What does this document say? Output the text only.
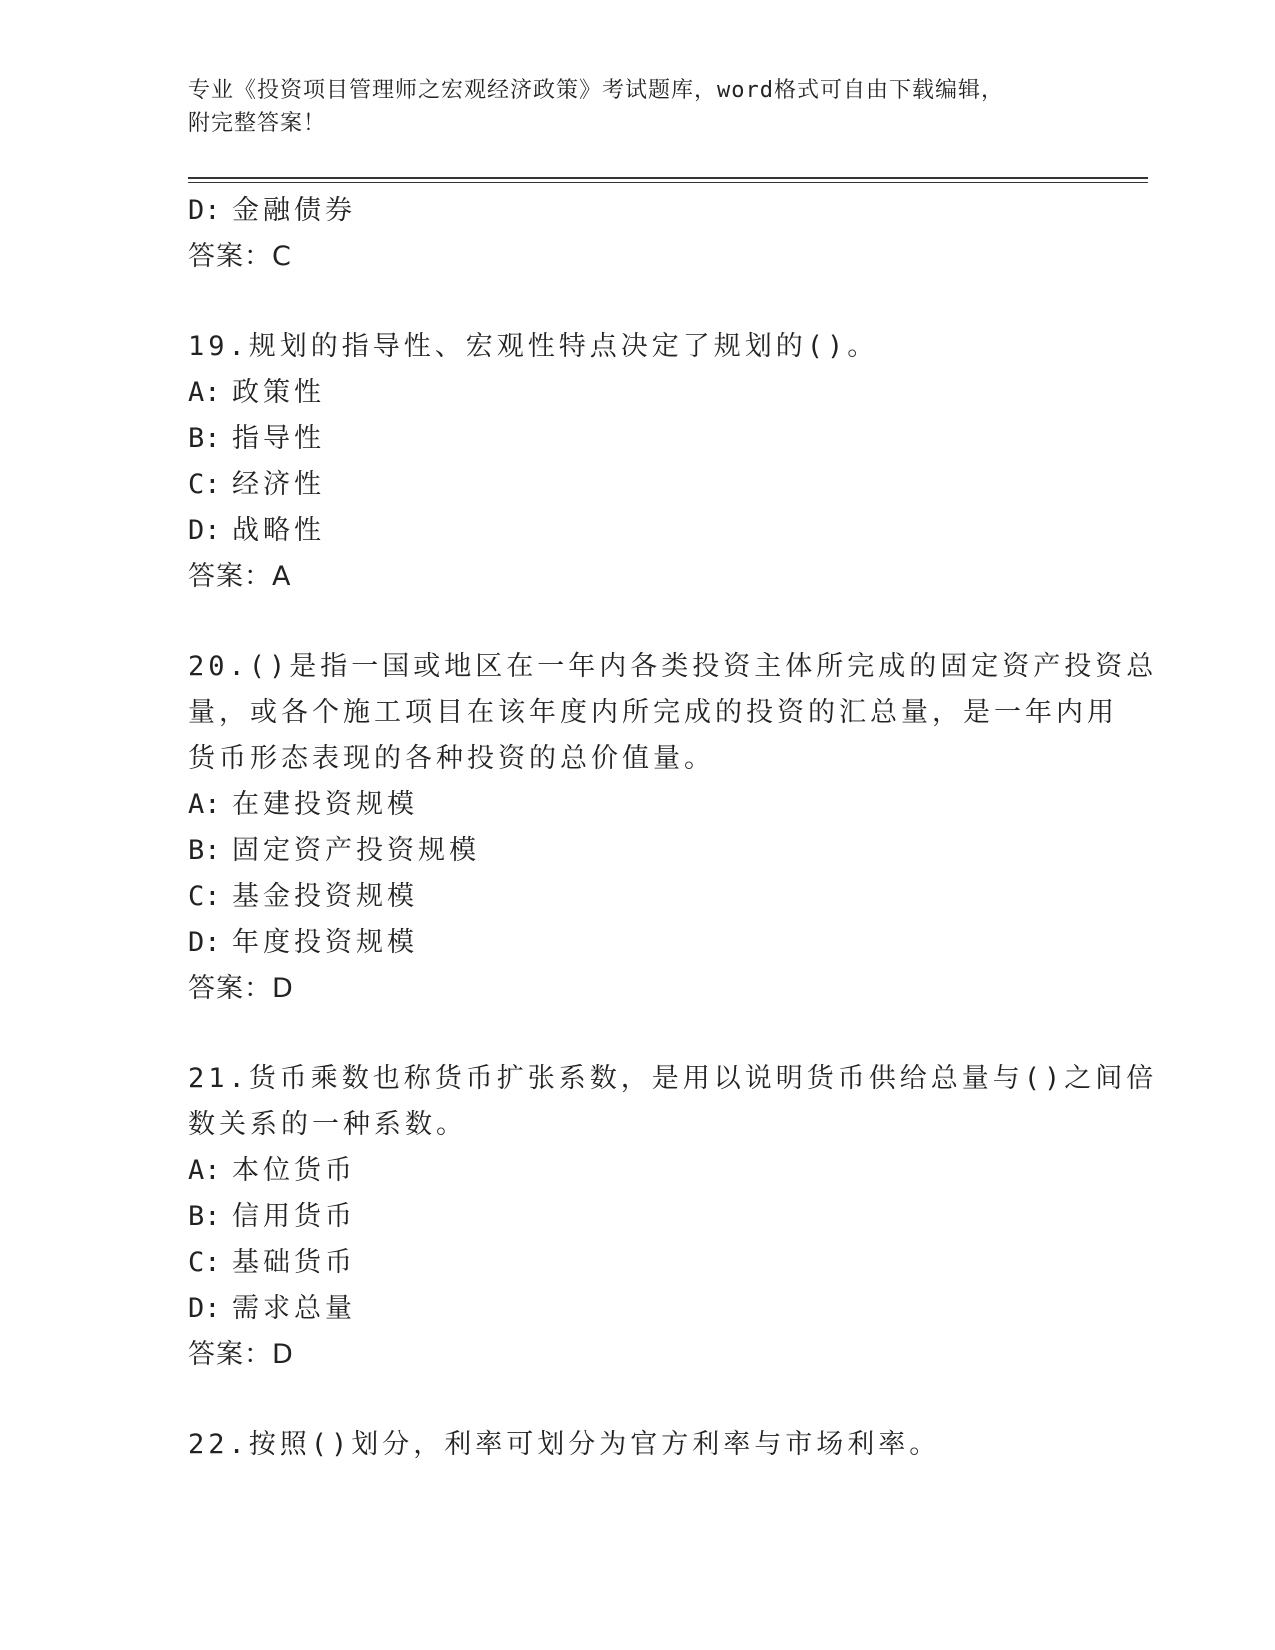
专业《投资项目管理师之宏观经济政策》考试题库，word格式可自由下载编辑，
附完整答案！
D: 金融债券
答案：C
19.规划的指导性、宏观性特点决定了规划的()。
A: 政策性
B: 指导性
C: 经济性
D: 战略性
答案：A
20.()是指一国或地区在一年内各类投资主体所完成的固定资产投资总
量，或各个施工项目在该年度内所完成的投资的汇总量，是一年内用
货币形态表现的各种投资的总价值量。
A: 在建投资规模
B: 固定资产投资规模
C: 基金投资规模
D: 年度投资规模
答案：D
21.货币乘数也称货币扩张系数，是用以说明货币供给总量与()之间倍
数关系的一种系数。
A: 本位货币
B: 信用货币
C: 基础货币
D: 需求总量
答案：D
22.按照()划分，利率可划分为官方利率与市场利率。
